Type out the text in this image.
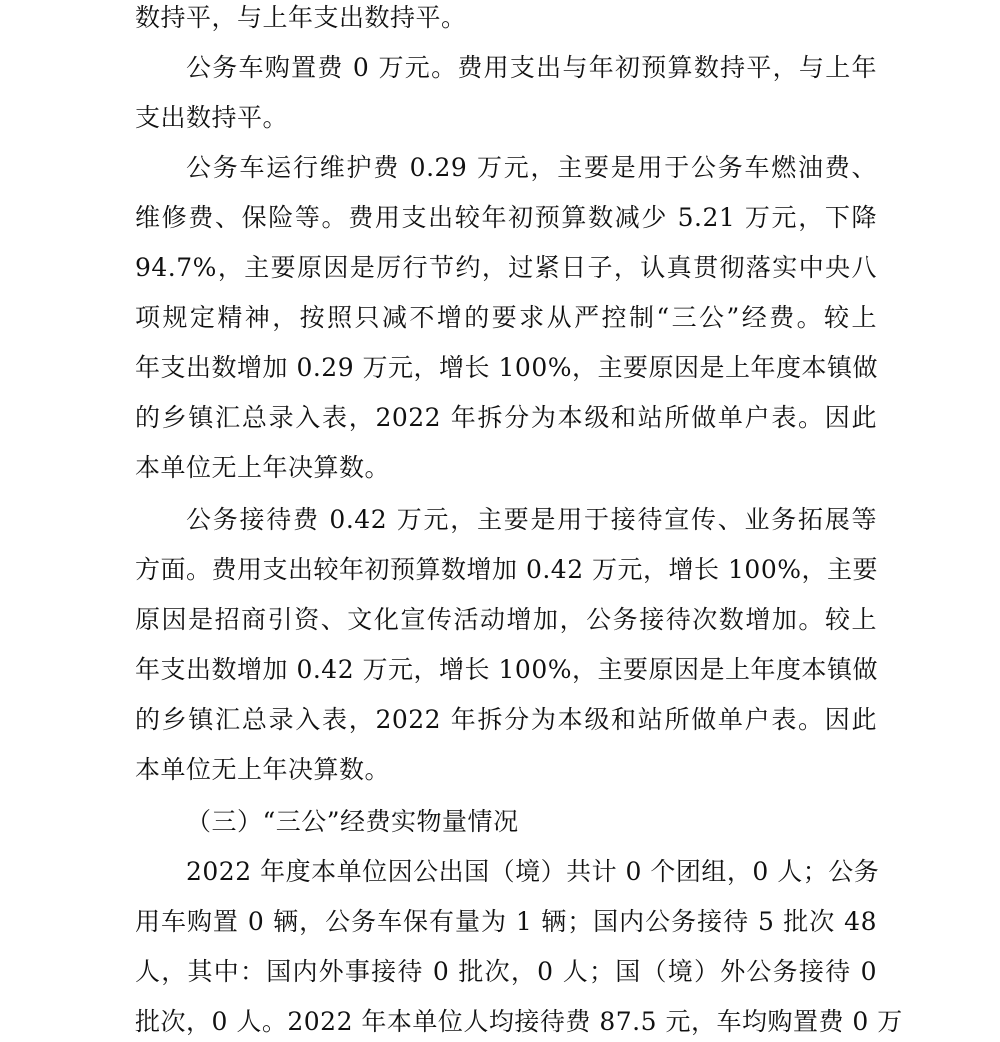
数持平，与上年支出数持平。
公务车购置费 0 万元。费用支出与年初预算数持平，与上年
支出数持平。
公务车运行维护费 0.29 万元，主要是用于公务车燃油费、
维修费、保险等。费用支出较年初预算数减少 5.21 万元，下降
94.7%，主要原因是厉行节约，过紧日子，认真贯彻落实中央八
项规定精神，按照只减不增的要求从严控制“三公”经费。较上
年支出数增加 0.29 万元，增长 100%，主要原因是上年度本镇做
的乡镇汇总录入表，2022 年拆分为本级和站所做单户表。因此
本单位无上年决算数。
公务接待费 0.42 万元，主要是用于接待宣传、业务拓展等
方面。费用支出较年初预算数增加 0.42 万元，增长 100%，主要
原因是招商引资、文化宣传活动增加，公务接待次数增加。较上
年支出数增加 0.42 万元，增长 100%，主要原因是上年度本镇做
的乡镇汇总录入表，2022 年拆分为本级和站所做单户表。因此
本单位无上年决算数。
（三）“三公”经费实物量情况
2022 年度本单位因公出国（境）共计 0 个团组，0 人；公务
用车购置 0 辆，公务车保有量为 1 辆；国内公务接待 5 批次 48
人，其中：国内外事接待 0 批次，0 人；国（境）外公务接待 0
批次，0 人。2022 年本单位人均接待费 87.5 元，车均购置费 0 万
